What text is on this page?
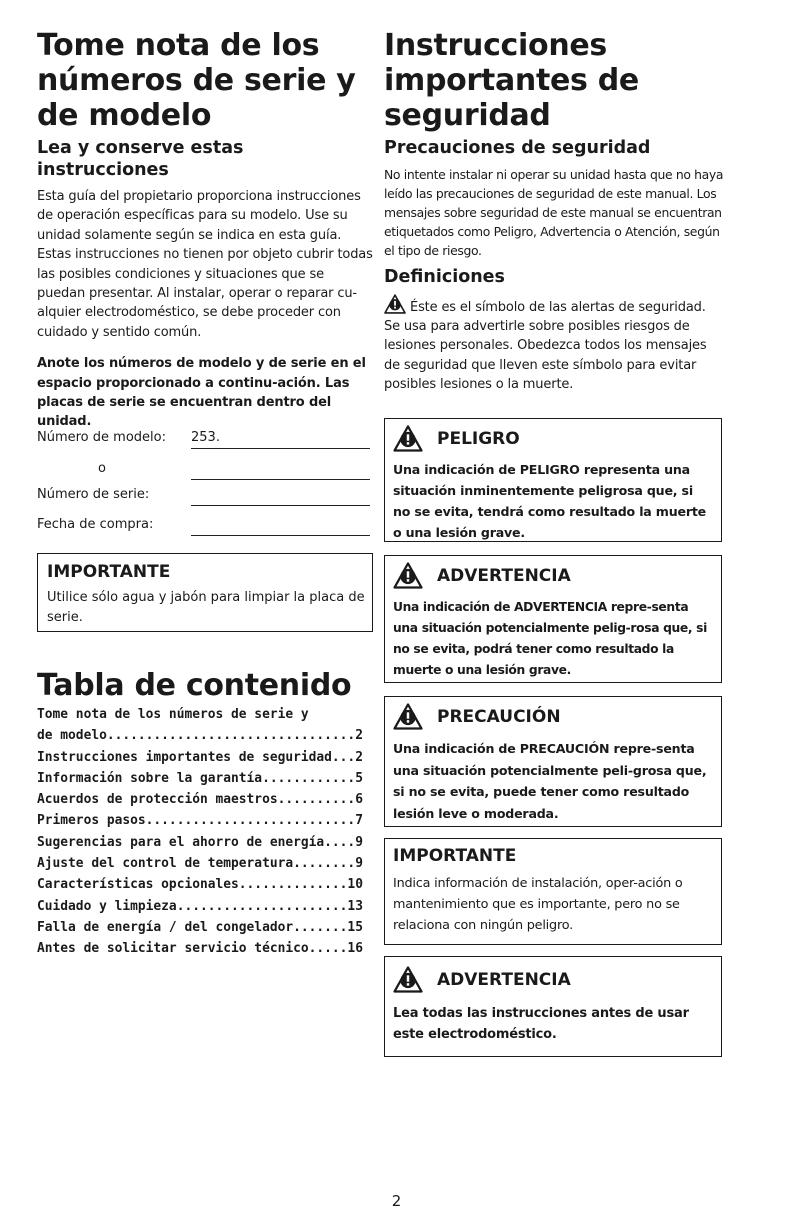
Tome nota de los números de serie y de modelo
Lea y conserve estas instrucciones

Esta guía del propietario proporciona instrucciones de operación específicas para su modelo. Use su unidad solamente según se indica en esta guía. Estas instrucciones no tienen por objeto cubrir todas las posibles condiciones y situaciones que se puedan presentar. Al instalar, operar o reparar cu-alquier electrodoméstico, se debe proceder con cuidado y sentido común.

Anote los números de modelo y de serie en el espacio proporcionado a continu-ación. Las placas de serie se encuentran dentro del unidad.

Número de modelo: 253.
o
Número de serie:
Fecha de compra:
IMPORTANTE
Utilice sólo agua y jabón para limpiar la placa de serie.
Tabla de contenido
Tome nota de los números de serie y
de modelo................................2
Instrucciones importantes de seguridad...2
Información sobre la garantía............5
Acuerdos de protección maestros..........6
Primeros pasos...........................7
Sugerencias para el ahorro de energía....9
Ajuste del control de temperatura........9
Características opcionales..............10
Cuidado y limpieza......................13
Falla de energía / del congelador.......15
Antes de solicitar servicio técnico.....16
Instrucciones importantes de seguridad
Precauciones de seguridad

No intente instalar ni operar su unidad hasta que no haya leído las precauciones de seguridad de este manual. Los mensajes sobre seguridad de este manual se encuentran etiquetados como Peligro, Advertencia o Atención, según el tipo de riesgo.

Definiciones

Éste es el símbolo de las alertas de seguridad. Se usa para advertirle sobre posibles riesgos de lesiones personales. Obedezca todos los mensajes de seguridad que lleven este símbolo para evitar posibles lesiones o la muerte.

PELIGRO
Una indicación de PELIGRO representa una situación inminentemente peligrosa que, si no se evita, tendrá como resultado la muerte o una lesión grave.
ADVERTENCIA
Una indicación de ADVERTENCIA repre-senta una situación potencialmente pelig-rosa que, si no se evita, podrá tener como resultado la muerte o una lesión grave.
PRECAUCIÓN
Una indicación de PRECAUCIÓN repre-senta una situación potencialmente peli-grosa que, si no se evita, puede tener como resultado lesión leve o moderada.
IMPORTANTE
Indica información de instalación, oper-ación o mantenimiento que es importante, pero no se relaciona con ningún peligro.
ADVERTENCIA
Lea todas las instrucciones antes de usar este electrodoméstico.
2
